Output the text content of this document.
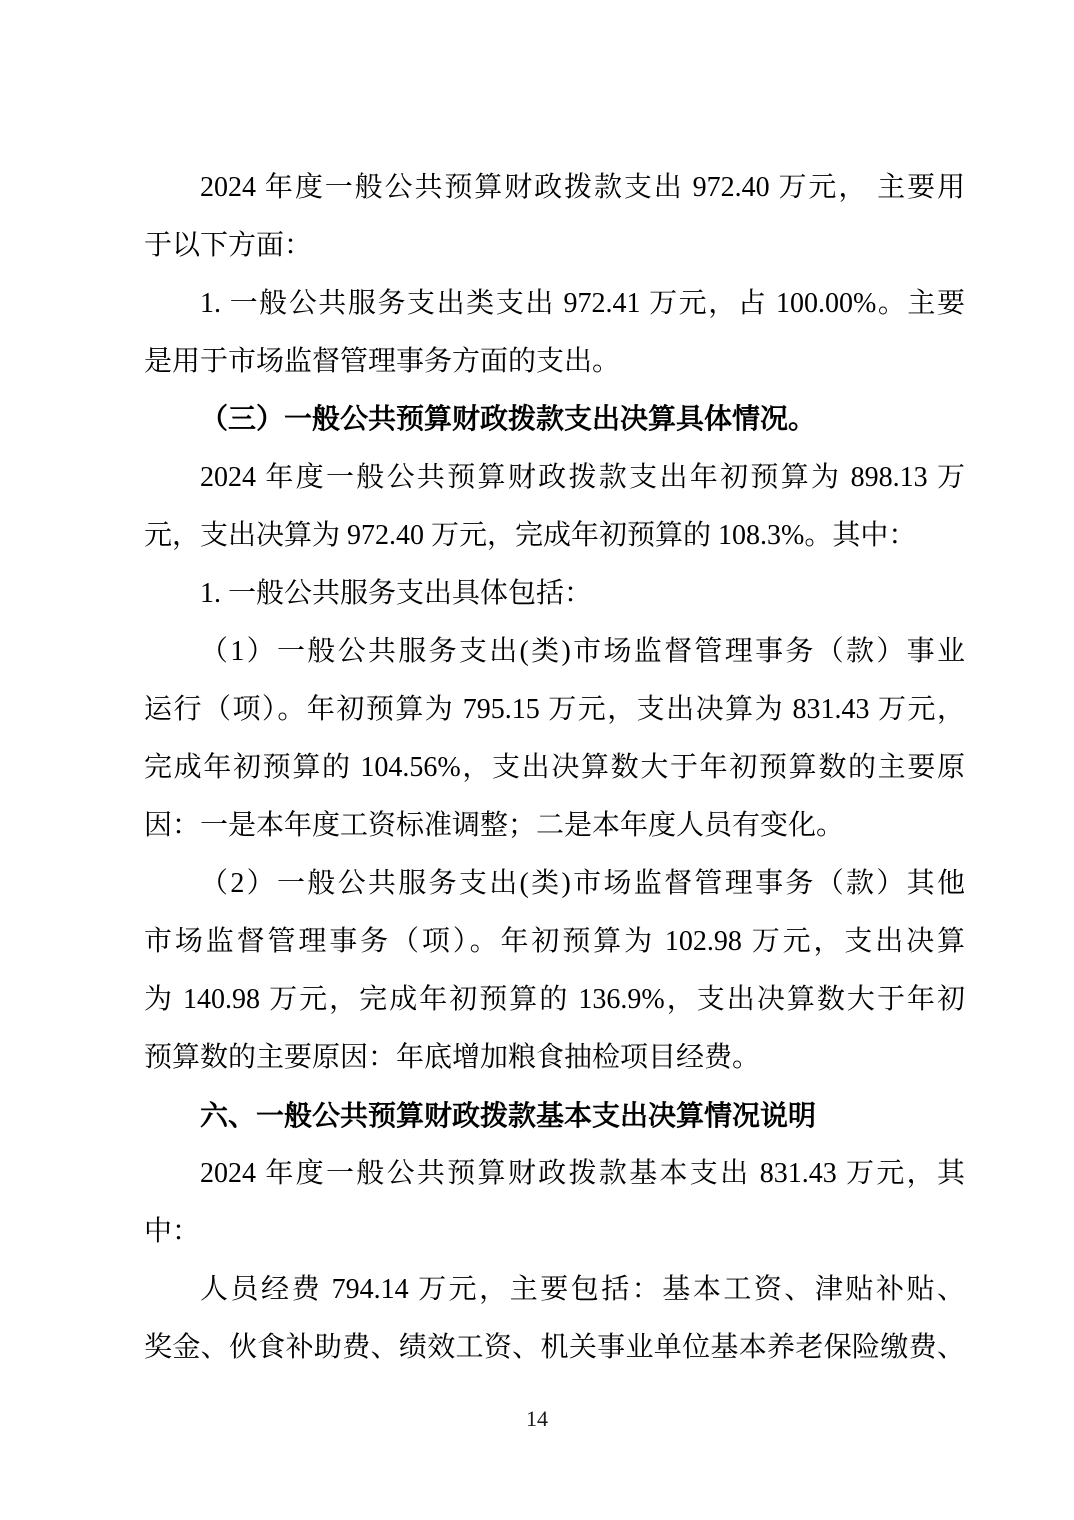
2024 年度一般公共预算财政拨款支出 972.40 万元， 主要用
于以下方面：
1. 一般公共服务支出类支出 972.41 万元，占 100.00%。主要
是用于市场监督管理事务方面的支出。
（三）一般公共预算财政拨款支出决算具体情况。
2024 年度一般公共预算财政拨款支出年初预算为 898.13 万
元，支出决算为 972.40 万元，完成年初预算的 108.3%。其中：
1. 一般公共服务支出具体包括：
（1）一般公共服务支出(类)市场监督管理事务（款）事业
运行（项）。年初预算为 795.15 万元，支出决算为 831.43 万元，
完成年初预算的 104.56%，支出决算数大于年初预算数的主要原
因：一是本年度工资标准调整；二是本年度人员有变化。
（2）一般公共服务支出(类)市场监督管理事务（款）其他
市场监督管理事务（项）。年初预算为 102.98 万元，支出决算
为 140.98 万元，完成年初预算的 136.9%，支出决算数大于年初
预算数的主要原因：年底增加粮食抽检项目经费。
六、一般公共预算财政拨款基本支出决算情况说明
2024 年度一般公共预算财政拨款基本支出 831.43 万元，其
中：
人员经费 794.14 万元，主要包括：基本工资、津贴补贴、
奖金、伙食补助费、绩效工资、机关事业单位基本养老保险缴费、
14
